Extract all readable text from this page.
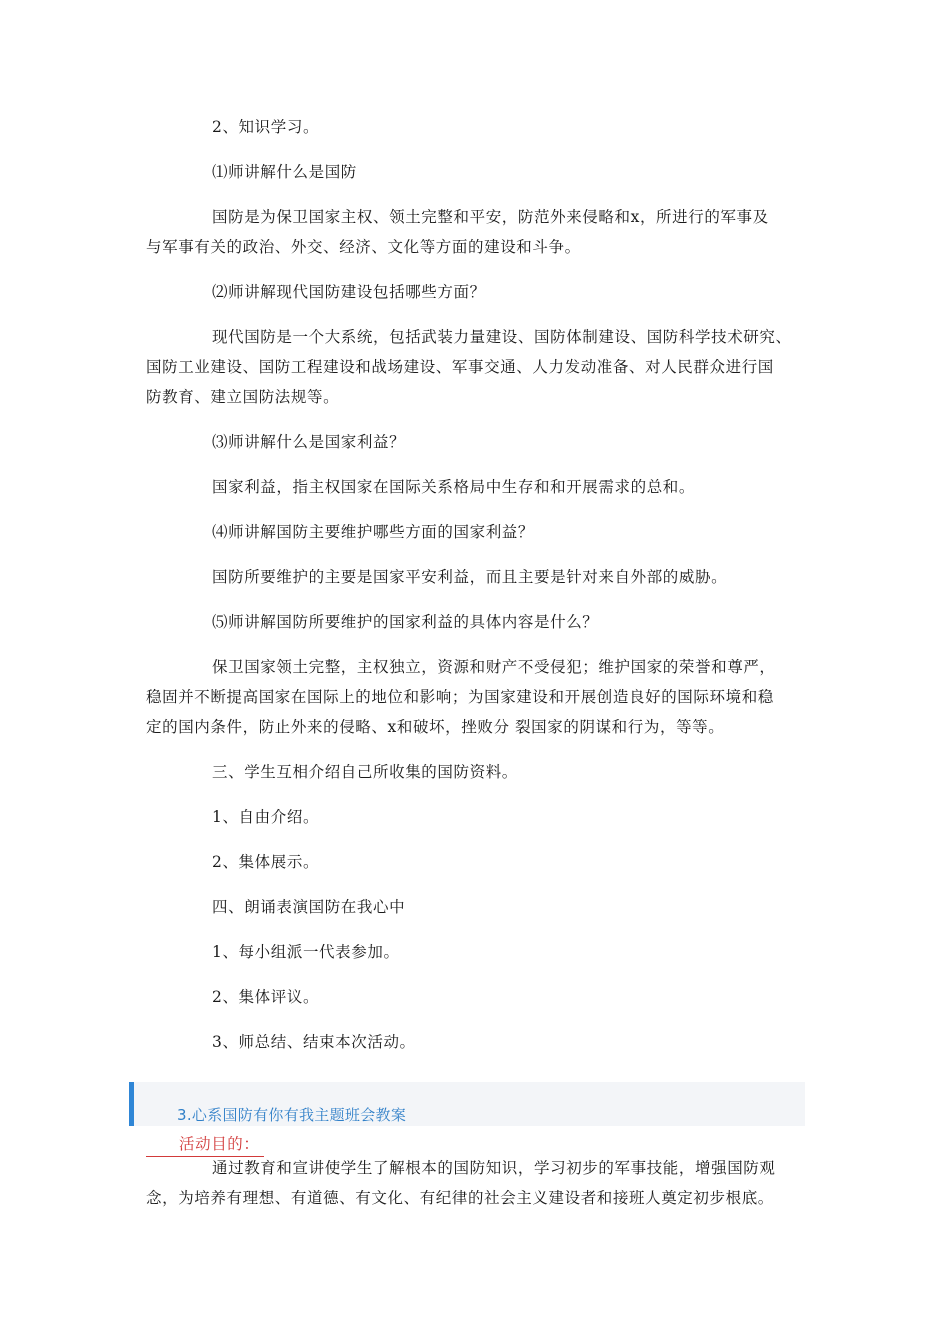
2、知识学习。
⑴师讲解什么是国防
国防是为保卫国家主权、领土完整和平安，防范外来侵略和x，所进行的军事及
与军事有关的政治、外交、经济、文化等方面的建设和斗争。
⑵师讲解现代国防建设包括哪些方面？
现代国防是一个大系统，包括武装力量建设、国防体制建设、国防科学技术研究、
国防工业建设、国防工程建设和战场建设、军事交通、人力发动准备、对人民群众进行国
防教育、建立国防法规等。
⑶师讲解什么是国家利益？
国家利益，指主权国家在国际关系格局中生存和和开展需求的总和。
⑷师讲解国防主要维护哪些方面的国家利益？
国防所要维护的主要是国家平安利益，而且主要是针对来自外部的威胁。
⑸师讲解国防所要维护的国家利益的具体内容是什么？
保卫国家领土完整，主权独立，资源和财产不受侵犯；维护国家的荣誉和尊严，
稳固并不断提高国家在国际上的地位和影响；为国家建设和开展创造良好的国际环境和稳
定的国内条件，防止外来的侵略、x和破坏，挫败分 裂国家的阴谋和行为，等等。
三、学生互相介绍自己所收集的国防资料。
1、自由介绍。
2、集体展示。
四、朗诵表演国防在我心中
1、每小组派一代表参加。
2、集体评议。
3、师总结、结束本次活动。
3.心系国防有你有我主题班会教案
活动目的：
通过教育和宣讲使学生了解根本的国防知识，学习初步的军事技能，增强国防观
念，为培养有理想、有道德、有文化、有纪律的社会主义建设者和接班人奠定初步根底。
